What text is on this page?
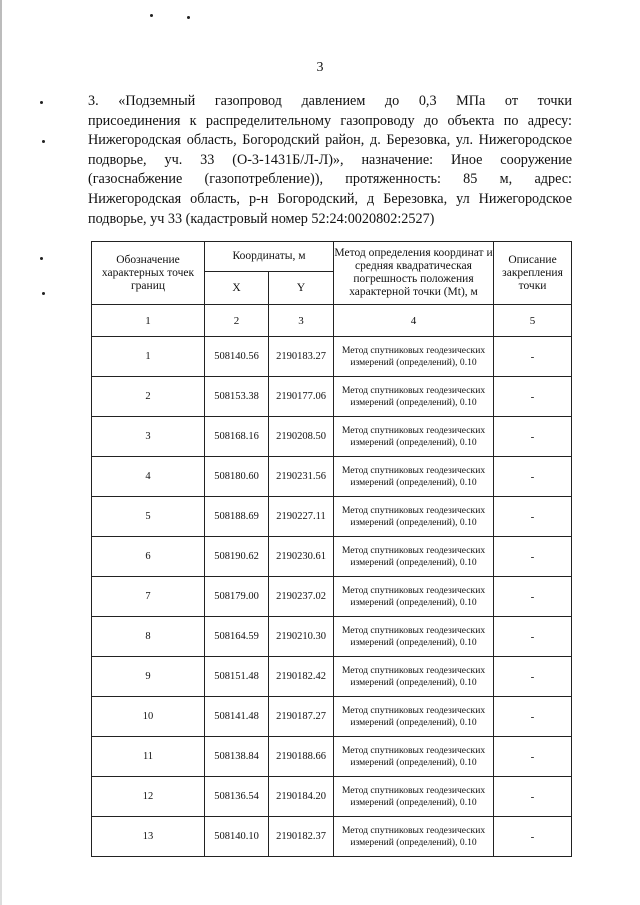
3
3. «Подземный газопровод давлением до 0,3 МПа от точки
присоединения к распределительному газопроводу до объекта по адресу:
Нижегородская область, Богородский район, д. Березовка, ул. Нижегородское
подворье, уч. 33 (О-3-1431Б/Л-Л)», назначение: Иное сооружение
(газоснабжение (газопотребление)), протяженность: 85 м, адрес:
Нижегородская область, р-н Богородский, д Березовка, ул Нижегородское
подворье, уч 33 (кадастровый номер 52:24:0020802:2527)
Обозначение характерных точек границ	Координаты, м		Метод определения координат и средняя квадратическая погрешность положения характерной точки (Mt), м	Описание закрепления точки
	X	Y		
1	2	3	4	5
1	508140.56	2190183.27	Метод спутниковых геодезических измерений (определений), 0.10	-
2	508153.38	2190177.06	Метод спутниковых геодезических измерений (определений), 0.10	-
3	508168.16	2190208.50	Метод спутниковых геодезических измерений (определений), 0.10	-
4	508180.60	2190231.56	Метод спутниковых геодезических измерений (определений), 0.10	-
5	508188.69	2190227.11	Метод спутниковых геодезических измерений (определений), 0.10	-
6	508190.62	2190230.61	Метод спутниковых геодезических измерений (определений), 0.10	-
7	508179.00	2190237.02	Метод спутниковых геодезических измерений (определений), 0.10	-
8	508164.59	2190210.30	Метод спутниковых геодезических измерений (определений), 0.10	-
9	508151.48	2190182.42	Метод спутниковых геодезических измерений (определений), 0.10	-
10	508141.48	2190187.27	Метод спутниковых геодезических измерений (определений), 0.10	-
11	508138.84	2190188.66	Метод спутниковых геодезических измерений (определений), 0.10	-
12	508136.54	2190184.20	Метод спутниковых геодезических измерений (определений), 0.10	-
13	508140.10	2190182.37	Метод спутниковых геодезических измерений (определений), 0.10	-
